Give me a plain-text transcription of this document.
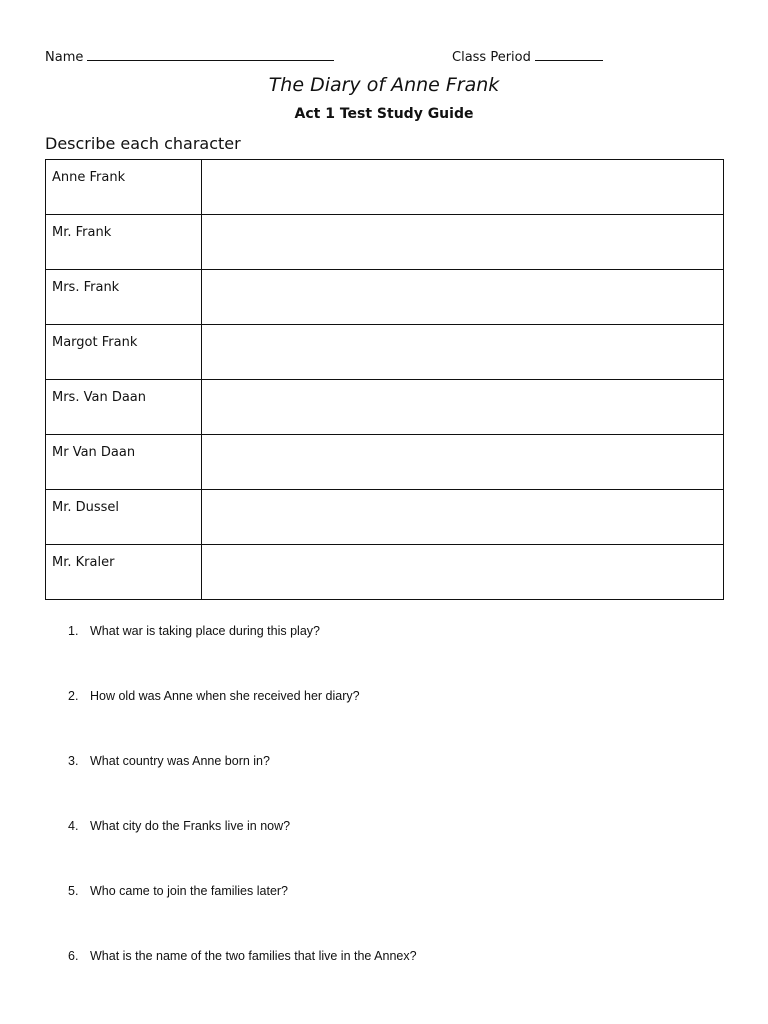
Name	Class Period
The Diary of Anne Frank
Act 1 Test Study Guide
Describe each character
Anne Frank	
Mr. Frank	
Mrs. Frank	
Margot Frank	
Mrs. Van Daan	
Mr Van Daan	
Mr. Dussel	
Mr. Kraler	
1. What war is taking place during this play?
2. How old was Anne when she received her diary?
3. What country was Anne born in?
4. What city do the Franks live in now?
5. Who came to join the families later?
6. What is the name of the two families that live in the Annex?
